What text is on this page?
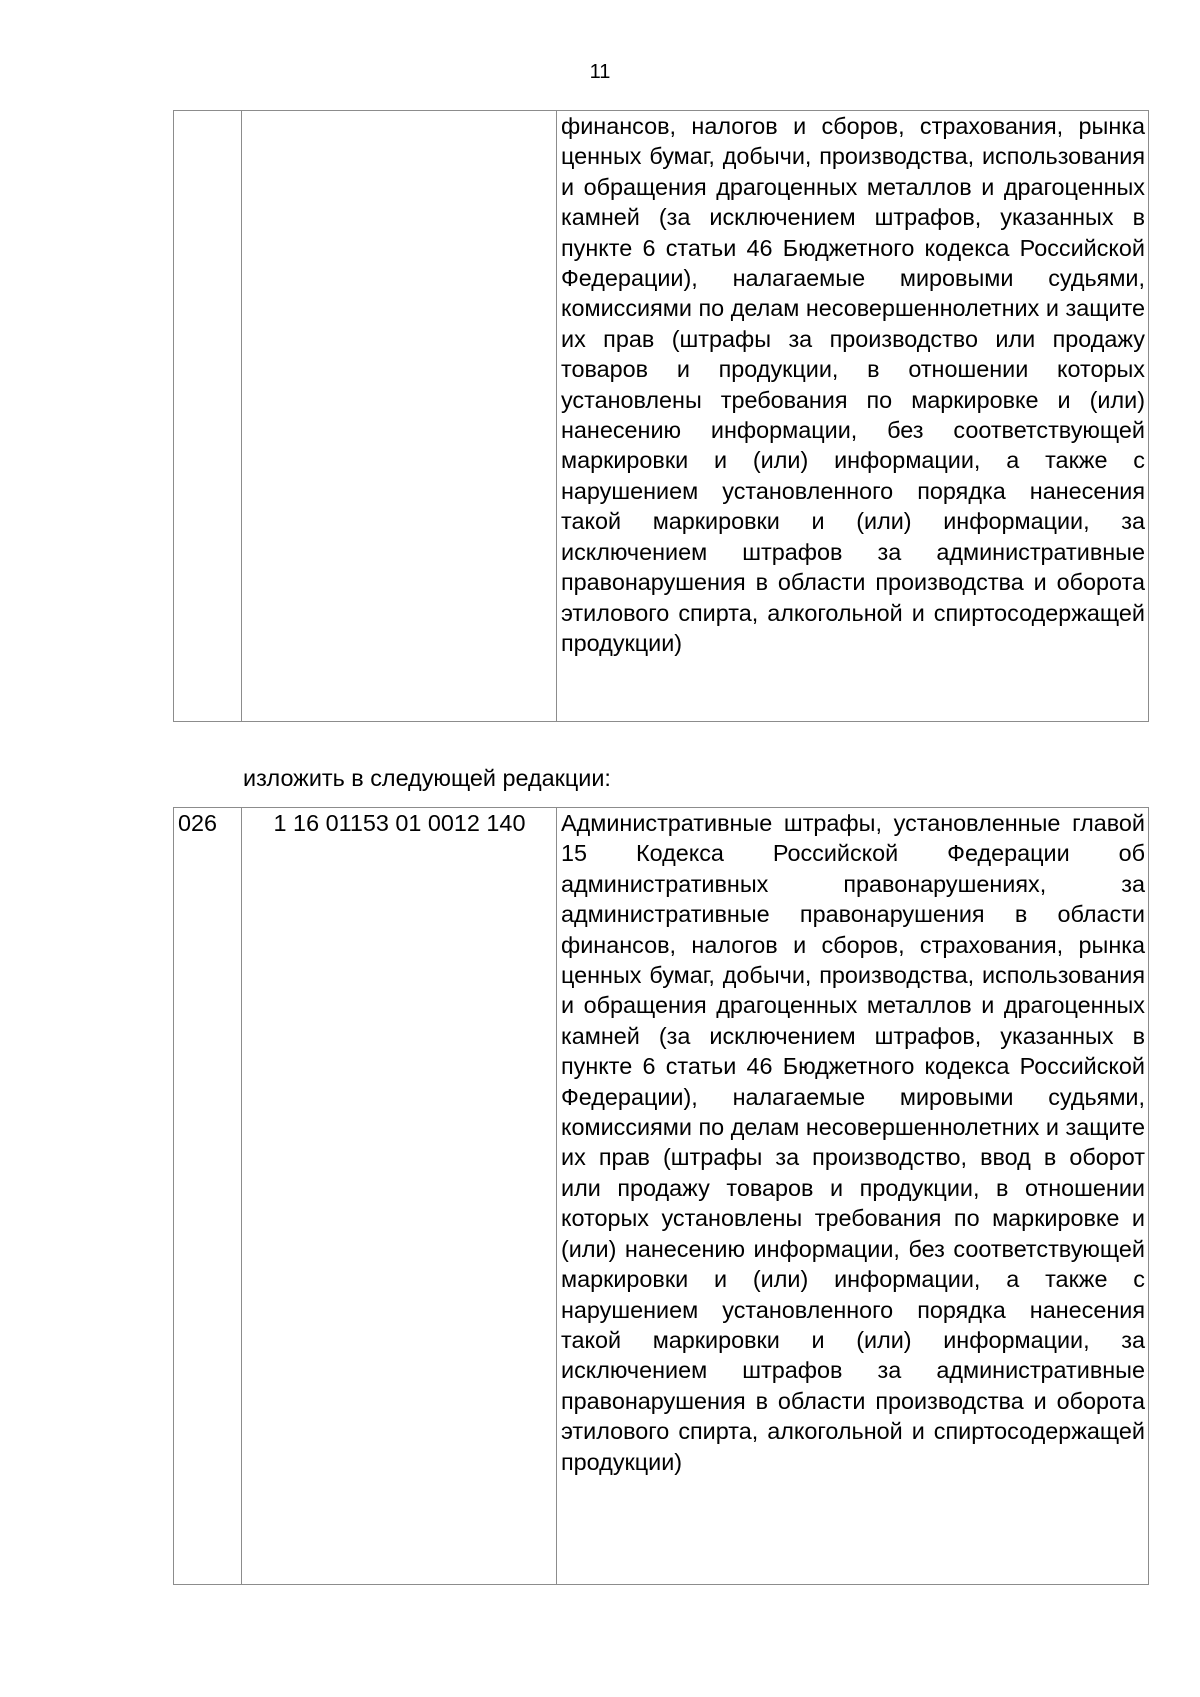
11
		финансов, налогов и сборов, страхования, рынка ценных бумаг, добычи, производства, использования и обращения драгоценных металлов и драгоценных камней (за исключением штрафов, указанных в пункте 6 статьи 46 Бюджетного кодекса Российской Федерации), налагаемые мировыми судьями, комиссиями по делам несовершеннолетних и защите их прав (штрафы за производство или продажу товаров и продукции, в отношении которых установлены требования по маркировке и (или) нанесению информации, без соответствующей маркировки и (или) информации, а также с нарушением установленного порядка нанесения такой маркировки и (или) информации, за исключением штрафов за административные правонарушения в области производства и оборота этилового спирта, алкогольной и спиртосодержащей продукции)
изложить в следующей редакции:
026	1 16 01153 01 0012 140	Административные штрафы, установленные главой 15 Кодекса Российской Федерации об административных правонарушениях, за административные правонарушения в области финансов, налогов и сборов, страхования, рынка ценных бумаг, добычи, производства, использования и обращения драгоценных металлов и драгоценных камней (за исключением штрафов, указанных в пункте 6 статьи 46 Бюджетного кодекса Российской Федерации), налагаемые мировыми судьями, комиссиями по делам несовершеннолетних и защите их прав (штрафы за производство, ввод в оборот или продажу товаров и продукции, в отношении которых установлены требования по маркировке и (или) нанесению информации, без соответствующей маркировки и (или) информации, а также с нарушением установленного порядка нанесения такой маркировки и (или) информации, за исключением штрафов за административные правонарушения в области производства и оборота этилового спирта, алкогольной и спиртосодержащей продукции)
